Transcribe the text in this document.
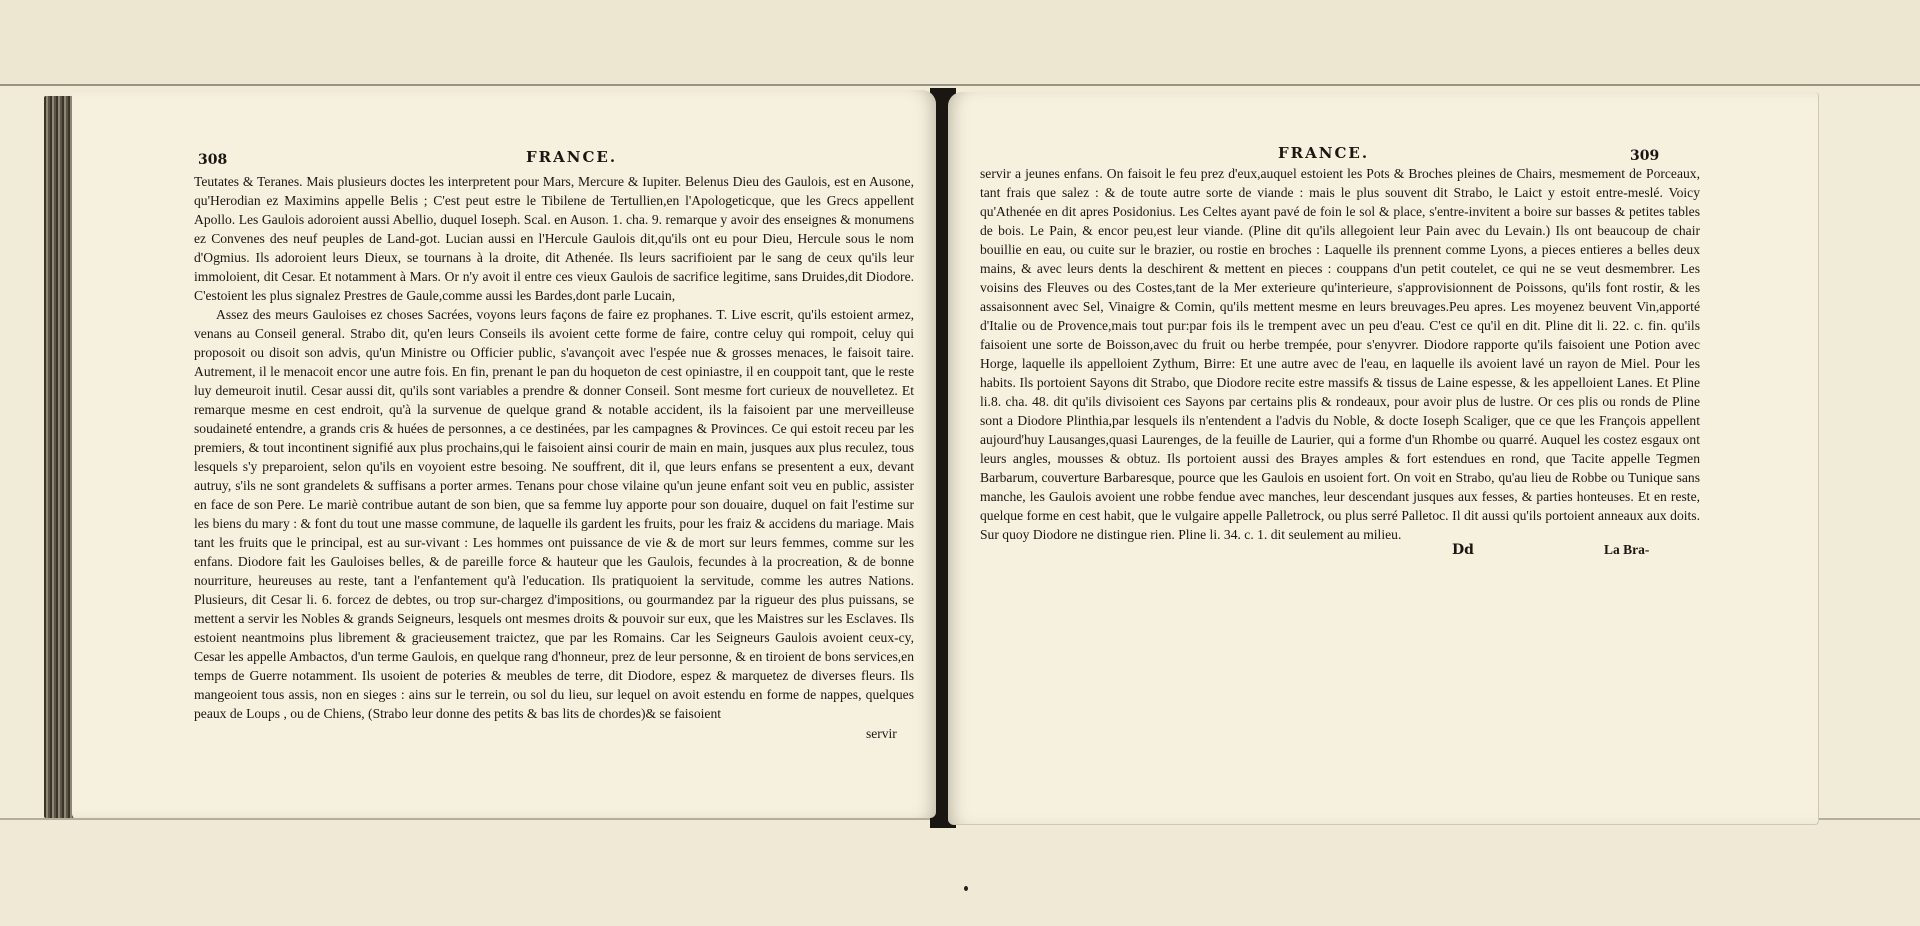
308	FRANCE.

Teutates & Teranes. Mais plusieurs doctes les interpretent pour Mars, Mercure & Iupiter. Belenus Dieu des Gaulois, est en Ausone, qu'Herodian ez Maximins appelle Belis ; C'est peut estre le Tibilene de Tertullien,en l'Apologeticque, que les Grecs appellent Apollo. Les Gaulois adoroient aussi Abellio, duquel Ioseph. Scal. en Auson. 1. cha. 9. remarque y avoir des enseignes & monumens ez Convenes des neuf peuples de Land-got. Lucian aussi en l'Hercule Gaulois dit,qu'ils ont eu pour Dieu, Hercule sous le nom d'Ogmius. Ils adoroient leurs Dieux, se tournans à la droite, dit Athenée. Ils leurs sacrifioient par le sang de ceux qu'ils leur immoloient, dit Cesar. Et notamment à Mars. Or n'y avoit il entre ces vieux Gaulois de sacrifice legitime, sans Druides,dit Diodore. C'estoient les plus signalez Prestres de Gaule,comme aussi les Bardes,dont parle Lucain,

Assez des meurs Gauloises ez choses Sacrées, voyons leurs façons de faire ez prophanes. T. Live escrit, qu'ils estoient armez, venans au Conseil general. Strabo dit, qu'en leurs Conseils ils avoient cette forme de faire, contre celuy qui rompoit, celuy qui proposoit ou disoit son advis, qu'un Ministre ou Officier public, s'avançoit avec l'espée nue & grosses menaces, le faisoit taire. Autrement, il le menacoit encor une autre fois. En fin, prenant le pan du hoqueton de cest opiniastre, il en couppoit tant, que le reste luy demeuroit inutil. Cesar aussi dit, qu'ils sont variables a prendre & donner Conseil. Sont mesme fort curieux de nouvelletez. Et remarque mesme en cest endroit, qu'à la survenue de quelque grand & notable accident, ils la faisoient par une merveilleuse soudaineté entendre, a grands cris & huées de personnes, a ce destinées, par les campagnes & Provinces. Ce qui estoit receu par les premiers, & tout incontinent signifié aux plus prochains,qui le faisoient ainsi courir de main en main, jusques aux plus reculez, tous lesquels s'y preparoient, selon qu'ils en voyoient estre besoing. Ne souffrent, dit il, que leurs enfans se presentent a eux, devant autruy, s'ils ne sont grandelets & suffisans a porter armes. Tenans pour chose vilaine qu'un jeune enfant soit veu en public, assister en face de son Pere. Le mariè contribue autant de son bien, que sa femme luy apporte pour son douaire, duquel on fait l'estime sur les biens du mary : & font du tout une masse commune, de laquelle ils gardent les fruits, pour les fraiz & accidens du mariage. Mais tant les fruits que le principal, est au sur-vivant : Les hommes ont puissance de vie & de mort sur leurs femmes, comme sur les enfans. Diodore fait les Gauloises belles, & de pareille force & hauteur que les Gaulois, fecundes à la procreation, & de bonne nourriture, heureuses au reste, tant a l'enfantement qu'à l'education. Ils pratiquoient la servitude, comme les autres Nations. Plusieurs, dit Cesar li. 6. forcez de debtes, ou trop sur-chargez d'impositions, ou gourmandez par la rigueur des plus puissans, se mettent a servir les Nobles & grands Seigneurs, lesquels ont mesmes droits & pouvoir sur eux, que les Maistres sur les Esclaves. Ils estoient neantmoins plus librement & gracieusement traictez, que par les Romains. Car les Seigneurs Gaulois avoient ceux-cy, Cesar les appelle Ambactos, d'un terme Gaulois, en quelque rang d'honneur, prez de leur personne, & en tiroient de bons services,en temps de Guerre notamment. Ils usoient de poteries & meubles de terre, dit Diodore, espez & marquetez de diverses fleurs. Ils mangeoient tous assis, non en sieges : ains sur le terrein, ou sol du lieu, sur lequel on avoit estendu en forme de nappes, quelques peaux de Loups , ou de Chiens, (Strabo leur donne des petits & bas lits de chordes)& se faisoient

servir
FRANCE.	309

servir a jeunes enfans. On faisoit le feu prez d'eux,auquel estoient les Pots & Broches pleines de Chairs, mesmement de Porceaux, tant frais que salez : & de toute autre sorte de viande : mais le plus souvent dit Strabo, le Laict y estoit entre-meslé. Voicy qu'Athenée en dit apres Posidonius. Les Celtes ayant pavé de foin le sol & place, s'entre-invitent a boire sur basses & petites tables de bois. Le Pain, & encor peu,est leur viande. (Pline dit qu'ils allegoient leur Pain avec du Levain.) Ils ont beaucoup de chair bouillie en eau, ou cuite sur le brazier, ou rostie en broches : Laquelle ils prennent comme Lyons, a pieces entieres a belles deux mains, & avec leurs dents la deschirent & mettent en pieces : couppans d'un petit coutelet, ce qui ne se veut desmembrer. Les voisins des Fleuves ou des Costes,tant de la Mer exterieure qu'interieure, s'approvisionnent de Poissons, qu'ils font rostir, & les assaisonnent avec Sel, Vinaigre & Comin, qu'ils mettent mesme en leurs breuvages.Peu apres. Les moyenez beuvent Vin,apporté d'Italie ou de Provence,mais tout pur:par fois ils le trempent avec un peu d'eau. C'est ce qu'il en dit. Pline dit li. 22. c. fin. qu'ils faisoient une sorte de Boisson,avec du fruit ou herbe trempée, pour s'enyvrer. Diodore rapporte qu'ils faisoient une Potion avec Horge, laquelle ils appelloient Zythum, Birre: Et une autre avec de l'eau, en laquelle ils avoient lavé un rayon de Miel. Pour les habits. Ils portoient Sayons dit Strabo, que Diodore recite estre massifs & tissus de Laine espesse, & les appelloient Lanes. Et Pline li.8. cha. 48. dit qu'ils divisoient ces Sayons par certains plis & rondeaux, pour avoir plus de lustre. Or ces plis ou ronds de Pline sont a Diodore Plinthia,par lesquels ils n'entendent a l'advis du Noble, & docte Ioseph Scaliger, que ce que les François appellent aujourd'huy Lausanges,quasi Laurenges, de la feuille de Laurier, qui a forme d'un Rhombe ou quarré. Auquel les costez esgaux ont leurs angles, mousses & obtuz. Ils portoient aussi des Brayes amples & fort estendues en rond, que Tacite appelle Tegmen Barbarum, couverture Barbaresque, pource que les Gaulois en usoient fort. On voit en Strabo, qu'au lieu de Robbe ou Tunique sans manche, les Gaulois avoient une robbe fendue avec manches, leur descendant jusques aux fesses, & parties honteuses. Et en reste, quelque forme en cest habit, que le vulgaire appelle Palletrock, ou plus serré Palletoc. Il dit aussi qu'ils portoient anneaux aux doits. Sur quoy Diodore ne distingue rien. Pline li. 34. c. 1. dit seulement au milieu.

Dd	La Bra-
